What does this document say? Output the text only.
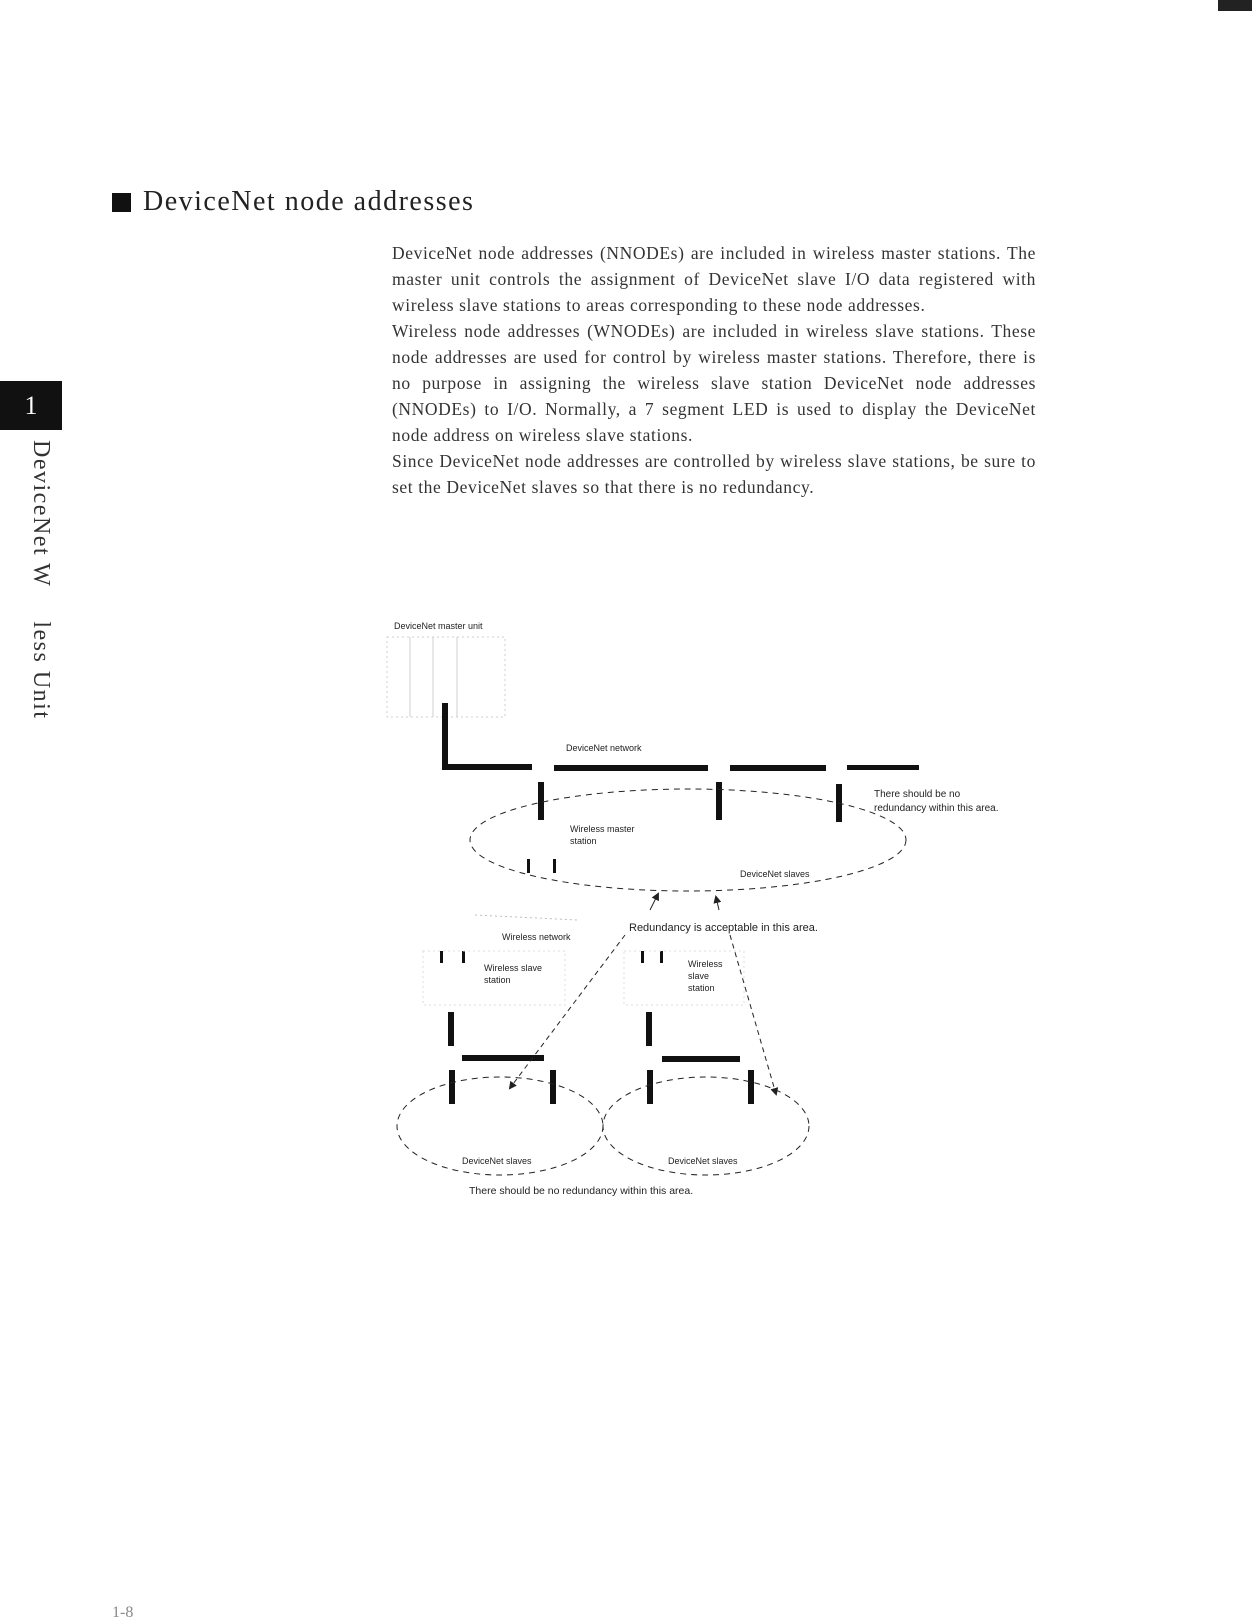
DeviceNet node addresses

DeviceNet node addresses (NNODEs) are included in wireless master stations. The master unit controls the assignment of DeviceNet slave I/O data registered with wireless slave stations to areas corresponding to these node addresses.

Wireless node addresses (WNODEs) are included in wireless slave stations. These node addresses are used for control by wireless master stations. Therefore, there is no purpose in assigning the wireless slave station DeviceNet node addresses (NNODEs) to I/O. Normally, a 7 segment LED is used to display the DeviceNet node address on wireless slave stations.

Since DeviceNet node addresses are controlled by wireless slave stations, be sure to set the DeviceNet slaves so that there is no redundancy.

1
DeviceNet Wless Unit	DeviceNet master unit
DeviceNet network
There should be no
redundancy within this area.
Wireless master
station
DeviceNet slaves
Redundancy is acceptable in this area.
Wireless network
Wireless slave
station
Wireless
slave
station
DeviceNet slaves	DeviceNet slaves
There should be no redundancy within this area.
1-8
